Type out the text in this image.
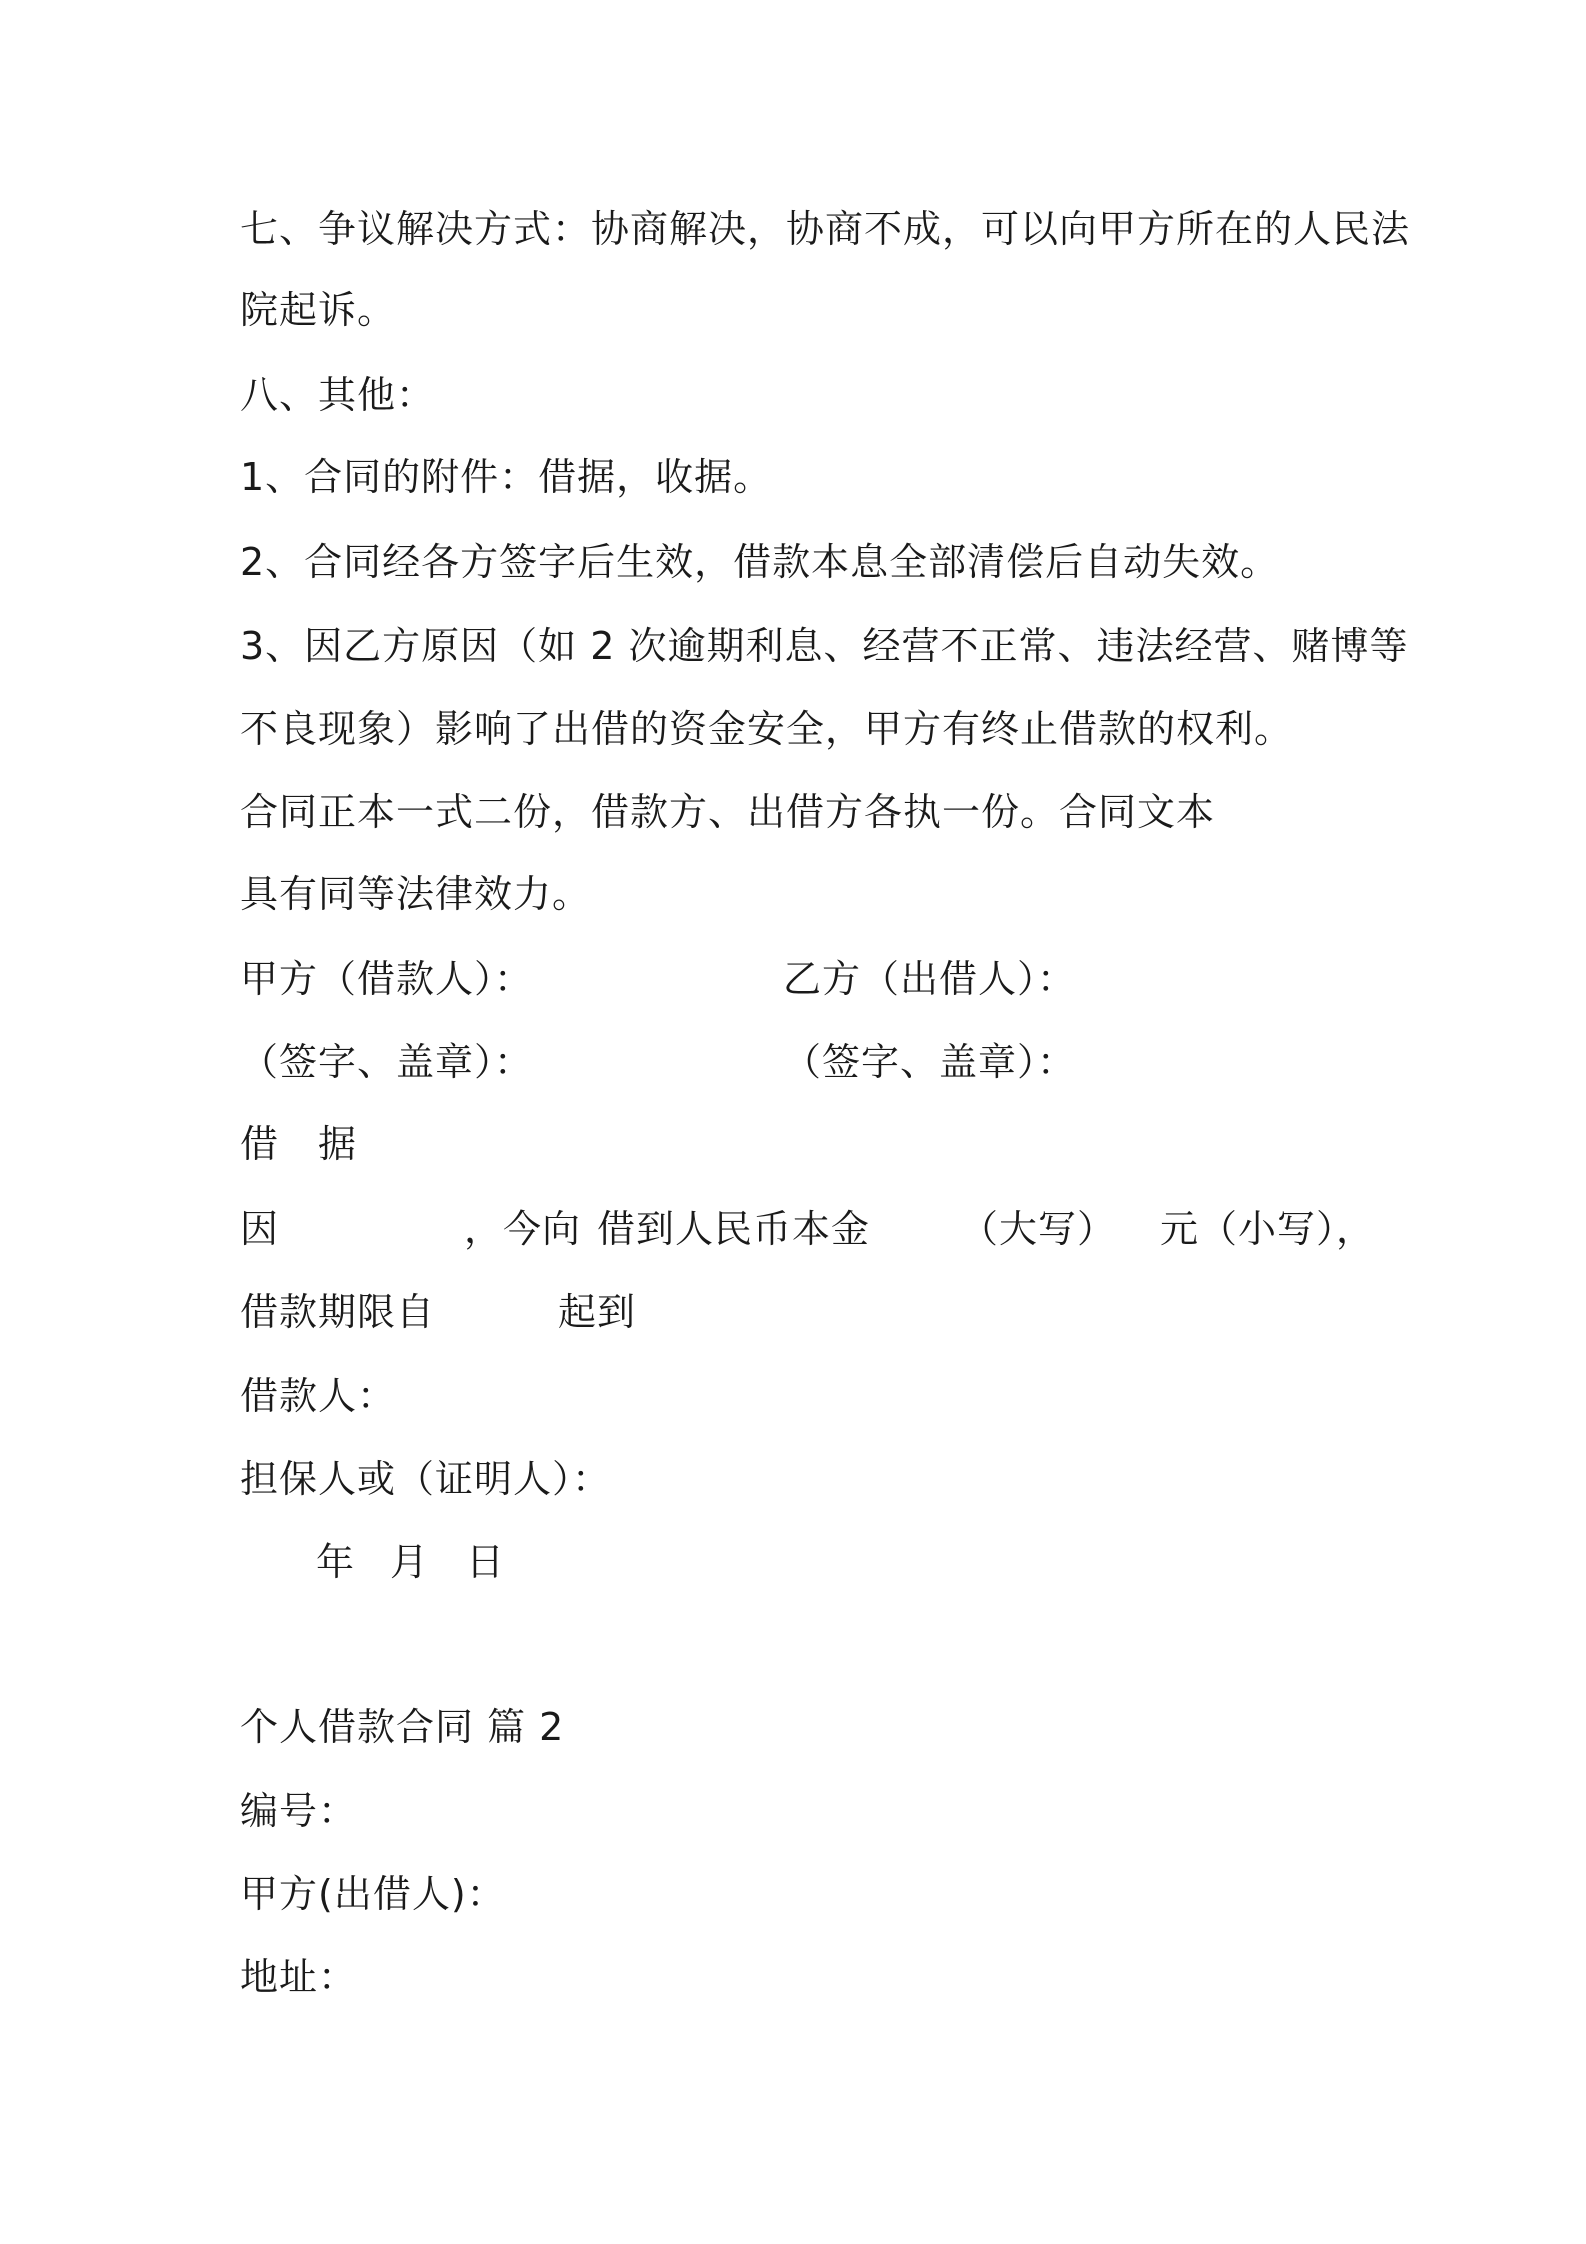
七、争议解决方式：协商解决，协商不成，可以向甲方所在的人民法
院起诉。
八、其他：
1、合同的附件：借据，收据。
2、合同经各方签字后生效，借款本息全部清偿后自动失效。
3、因乙方原因（如 2 次逾期利息、经营不正常、违法经营、赌博等
不良现象）影响了出借的资金安全，甲方有终止借款的权利。
合同正本一式二份，借款方、出借方各执一份。合同文本
具有同等法律效力。
甲方（借款人）：	乙方（出借人）：
（签字、盖章）：	（签字、盖章）：
借　据
因	，今向 借到人民币本金 （大写） 元（小写），
借款期限自	起到
借款人：
担保人或（证明人）：
年 月 日
个人借款合同 篇 2
编号：
甲方(出借人)：
地址：
